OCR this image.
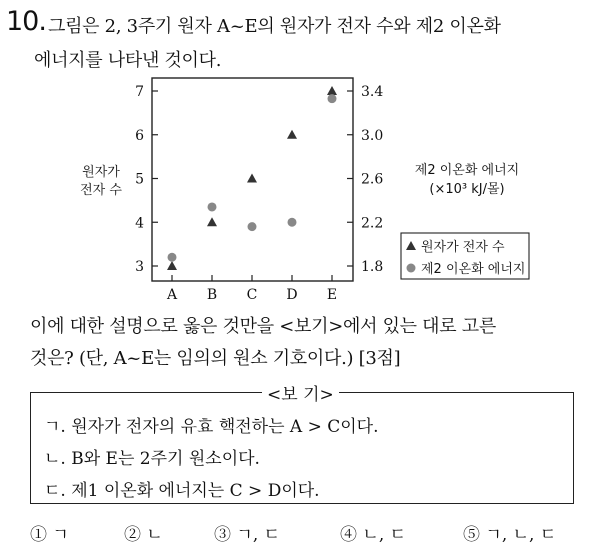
10. 그림은 2, 3주기 원자 A~E의 원자가 전자 수와 제2 이온화
에너지를 나타낸 것이다.
3
4
5
6
7
1.8
2.2
2.6
3.0
3.4
A B C D E
원자가
전자 수
제2 이온화 에너지
(×10³ kJ/몰)
원자가 전자 수
제2 이온화 에너지
이에 대한 설명으로 옳은 것만을 <보기>에서 있는 대로 고른
것은? (단, A~E는 임의의 원소 기호이다.) [3점]
<보 기>
ㄱ. 원자가 전자의 유효 핵전하는 A > C이다.
ㄴ. B와 E는 2주기 원소이다.
ㄷ. 제1 이온화 에너지는 C > D이다.
① ㄱ	② ㄴ	③ ㄱ, ㄷ	④ ㄴ, ㄷ	⑤ ㄱ, ㄴ, ㄷ
